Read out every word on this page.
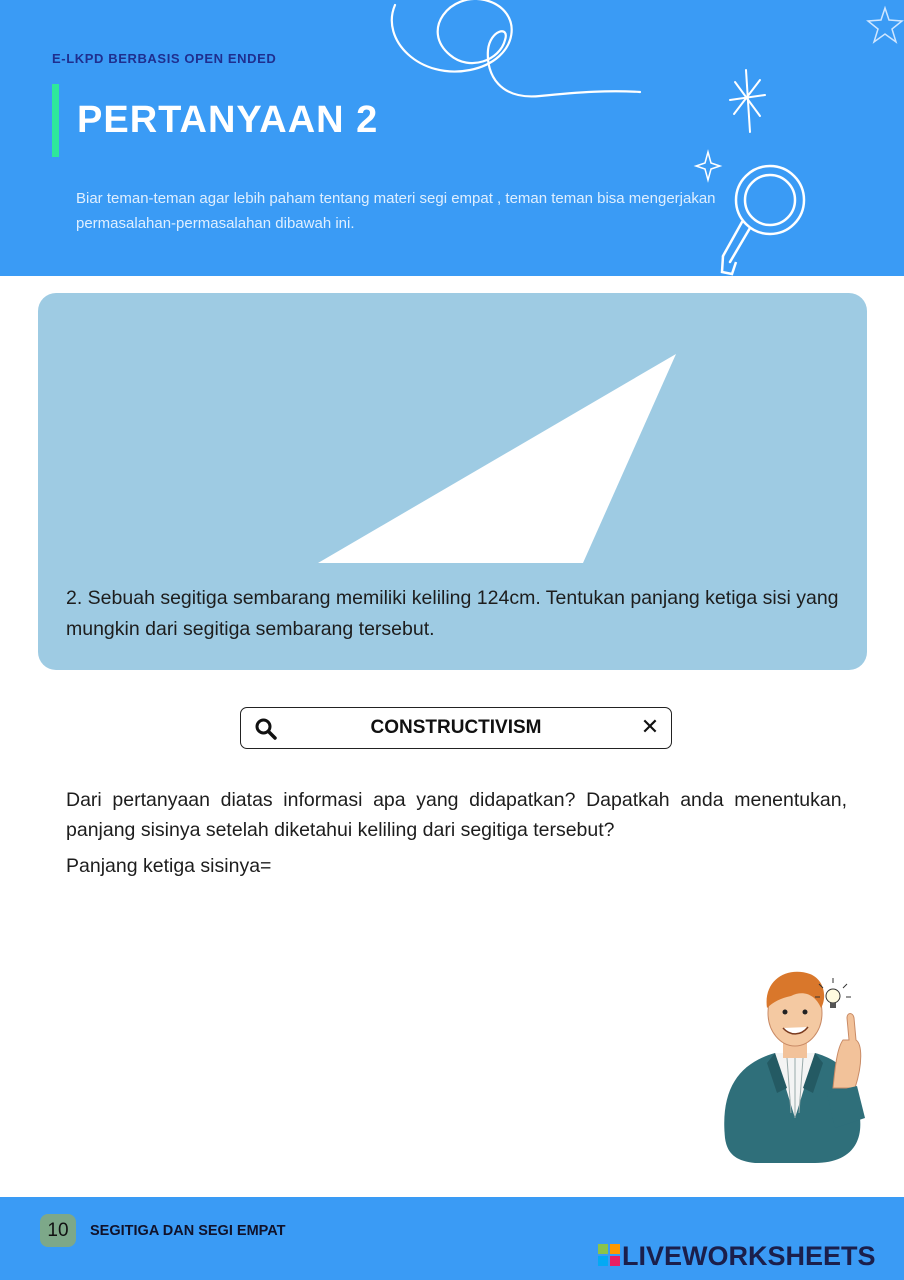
E-LKPD BERBASIS OPEN ENDED
PERTANYAAN 2
Biar teman-teman agar lebih paham tentang materi segi empat , teman teman bisa mengerjakan permasalahan-permasalahan dibawah ini.
2. Sebuah segitiga sembarang memiliki keliling 124cm. Tentukan panjang ketiga sisi yang mungkin dari segitiga sembarang tersebut.
CONSTRUCTIVISM	✕
Dari pertanyaan diatas informasi apa yang didapatkan? Dapatkah anda menentukan, panjang sisinya setelah diketahui keliling dari segitiga tersebut?
Panjang ketiga sisinya=
10	SEGITIGA DAN SEGI EMPAT
LIVEWORKSHEETS
